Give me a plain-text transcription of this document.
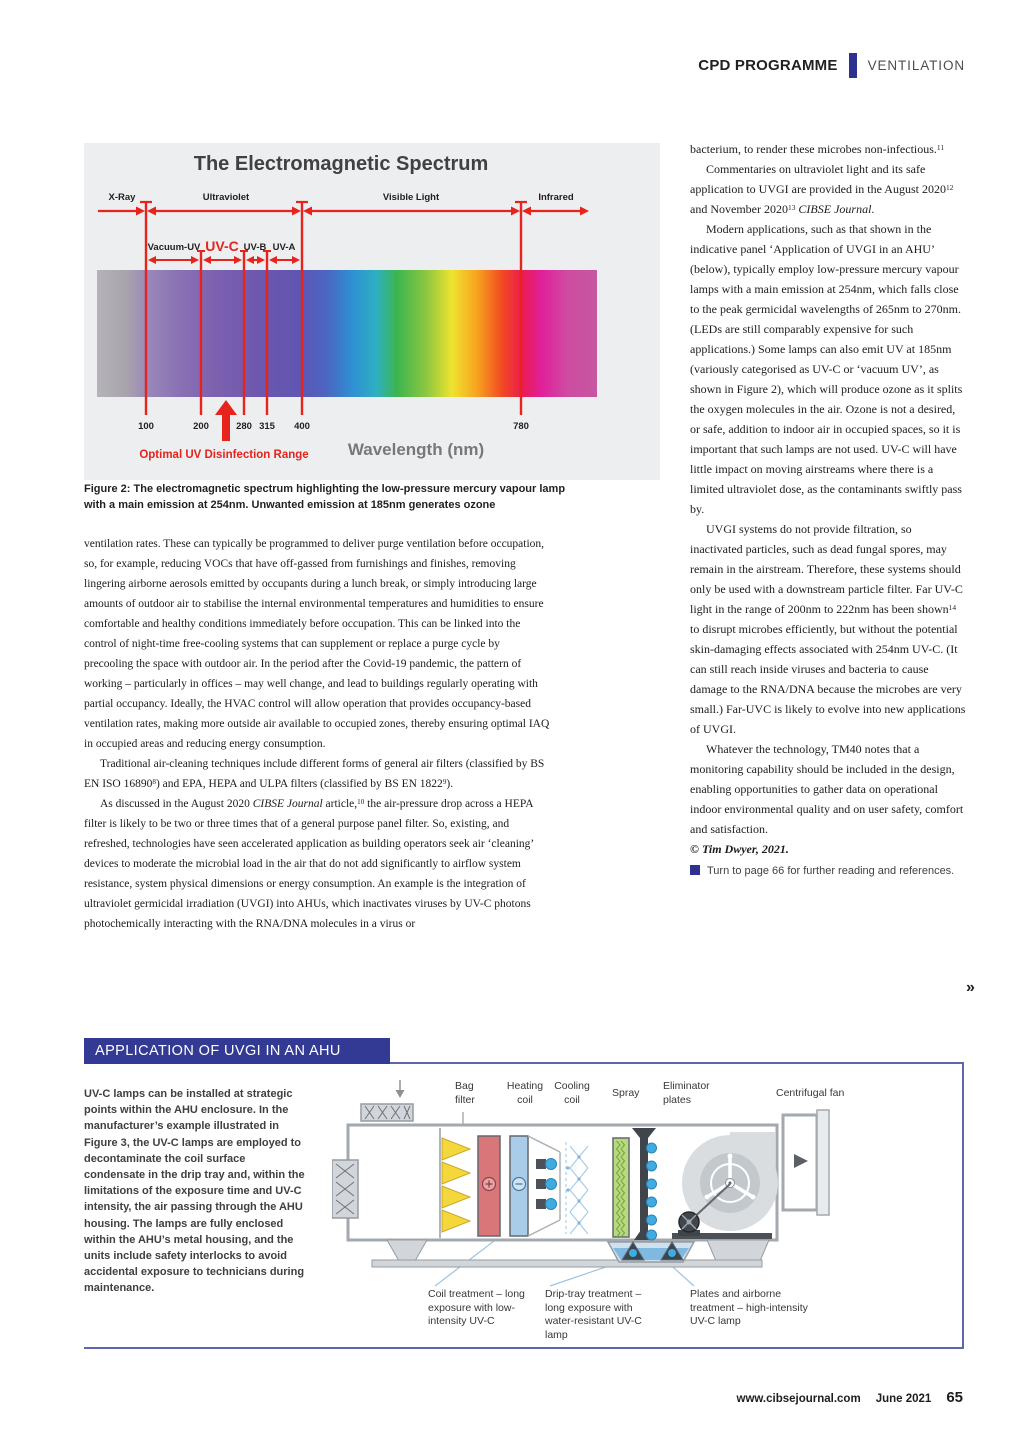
CPD PROGRAMME VENTILATION
The Electromagnetic Spectrum
X-Ray	Ultraviolet	Visible Light	Infrared
Vacuum-UV UV-C UV-B UV-A
100	200	280 315 400	780
Optimal UV Disinfection Range Wavelength (nm)
Figure 2: The electromagnetic spectrum highlighting the low-pressure mercury vapour lamp with a main emission at 254nm. Unwanted emission at 185nm generates ozone

ventilation rates. These can typically be programmed to deliver purge ventilation before occupation, so, for example, reducing VOCs that have off-gassed from furnishings and finishes, removing lingering airborne aerosols emitted by occupants during a lunch break, or simply introducing large amounts of outdoor air to stabilise the internal environmental temperatures and humidities to ensure comfortable and healthy conditions immediately before occupation. This can be linked into the control of night-time free-cooling systems that can supplement or replace a purge cycle by precooling the space with outdoor air. In the period after the Covid-19 pandemic, the pattern of working – particularly in offices – may well change, and lead to buildings regularly operating with partial occupancy. Ideally, the HVAC control will allow operation that provides occupancy-based ventilation rates, making more outside air available to occupied zones, thereby ensuring optimal IAQ in occupied areas and reducing energy consumption.

Traditional air-cleaning techniques include different forms of general air filters (classified by BS EN ISO 16890$^8$) and EPA, HEPA and ULPA filters (classified by BS EN 1822$^9$).

As discussed in the August 2020 CIBSE Journal article,$^{10}$ the air-pressure drop across a HEPA filter is likely to be two or three times that of a general purpose panel filter. So, existing, and refreshed, technologies have seen accelerated application as building operators seek air ‘cleaning’ devices to moderate the microbial load in the air that do not add significantly to airflow system resistance, system physical dimensions or energy consumption. An example is the integration of ultraviolet germicidal irradiation (UVGI) into AHUs, which inactivates viruses by UV-C photons photochemically interacting with the RNA/DNA molecules in a virus or

bacterium, to render these microbes non-infectious.$^{11}$

Commentaries on ultraviolet light and its safe application to UVGI are provided in the August 2020$^{12}$ and November 2020$^{13}$ CIBSE Journal.

Modern applications, such as that shown in the indicative panel ‘Application of UVGI in an AHU’ (below), typically employ low-pressure mercury vapour lamps with a main emission at 254nm, which falls close to the peak germicidal wavelengths of 265nm to 270nm. (LEDs are still comparably expensive for such applications.) Some lamps can also emit UV at 185nm (variously categorised as UV-C or ‘vacuum UV’, as shown in Figure 2), which will produce ozone as it splits the oxygen molecules in the air. Ozone is not a desired, or safe, addition to indoor air in occupied spaces, so it is important that such lamps are not used. UV-C will have little impact on moving airstreams where there is a limited ultraviolet dose, as the contaminants swiftly pass by.

UVGI systems do not provide filtration, so inactivated particles, such as dead fungal spores, may remain in the airstream. Therefore, these systems should only be used with a downstream particle filter. Far UV-C light in the range of 200nm to 222nm has been shown$^{14}$ to disrupt microbes efficiently, but without the potential skin-damaging effects associated with 254nm UV-C. (It can still reach inside viruses and bacteria to cause damage to the RNA/DNA because the microbes are very small.) Far-UVC is likely to evolve into new applications of UVGI.

Whatever the technology, TM40 notes that a monitoring capability should be included in the design, enabling opportunities to gather data on operational indoor environmental quality and on user safety, comfort and satisfaction.

© Tim Dwyer, 2021.

Turn to page 66 for further reading and references.
»
APPLICATION OF UVGI IN AN AHU
UV-C lamps can be installed at strategic points within the AHU enclosure. In the manufacturer’s example illustrated in Figure 3, the UV-C lamps are employed to decontaminate the coil surface condensate in the drip tray and, within the limitations of the exposure time and UV-C intensity, the air passing through the AHU housing. The lamps are fully enclosed within the AHU’s metal housing, and the units include safety interlocks to avoid accidental exposure to technicians during maintenance.
Bag filter
Heating coil
Cooling coil
Spray
Eliminator plates
Centrifugal fan
Coil treatment – long exposure with low-intensity UV-C
Drip-tray treatment – long exposure with water-resistant UV-C lamp
Plates and airborne treatment – high-intensity UV-C lamp
www.cibsejournal.com June 2021 65
